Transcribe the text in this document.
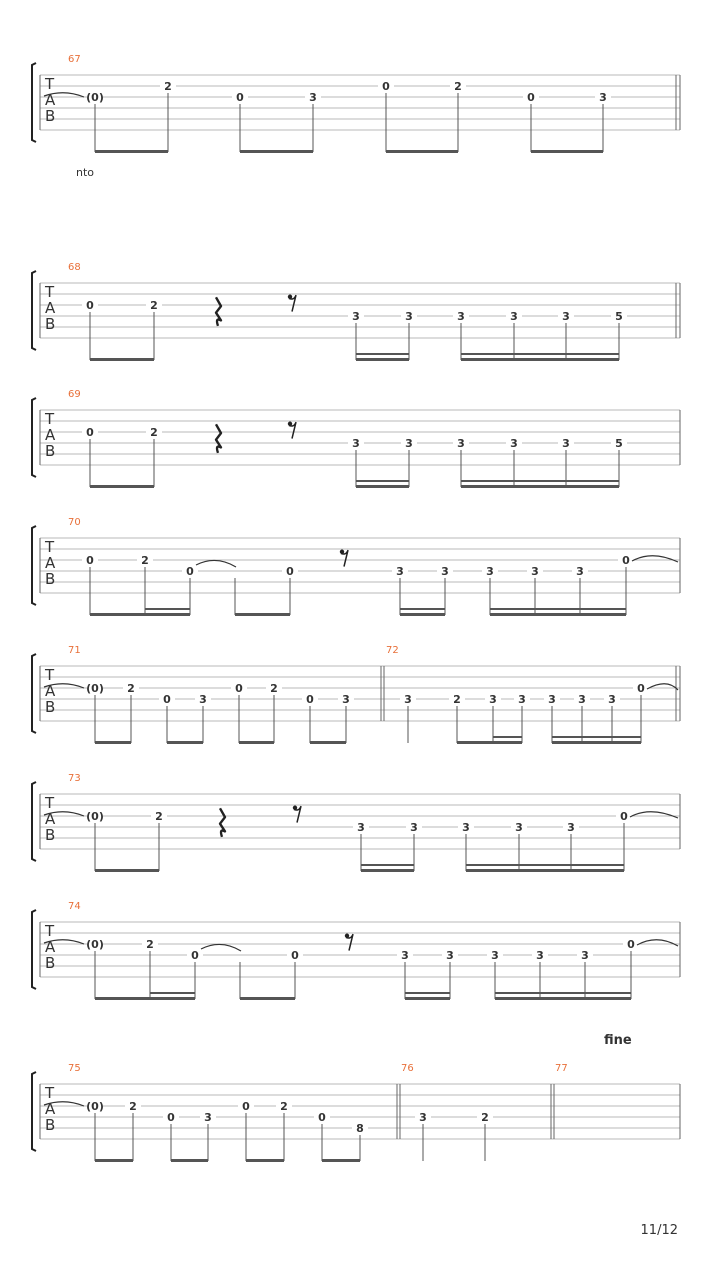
T
A
B
67
(0)
2
0	3
0	2
0	3
nto
T
A
B
68
0	2
3	3	3	3	3	5
T
A
B
69
0	2
3	3	3	3	3	5
T
A
B
70
0	2
0	0	3	3	3	3	3
0
T
A
B
71	72
(0) 2
0	3
0 2
0	3	3	2	3 3 3 3 3
0
T
A
B
73
(0)	2
3	3	3	3	3
0
T
A
B
74
(0)	2
0	0	3	3	3	3	3
0
fine
T
A
B
75	76	77
(0) 2
0	3
0	2
0
8
3	2
11/12
